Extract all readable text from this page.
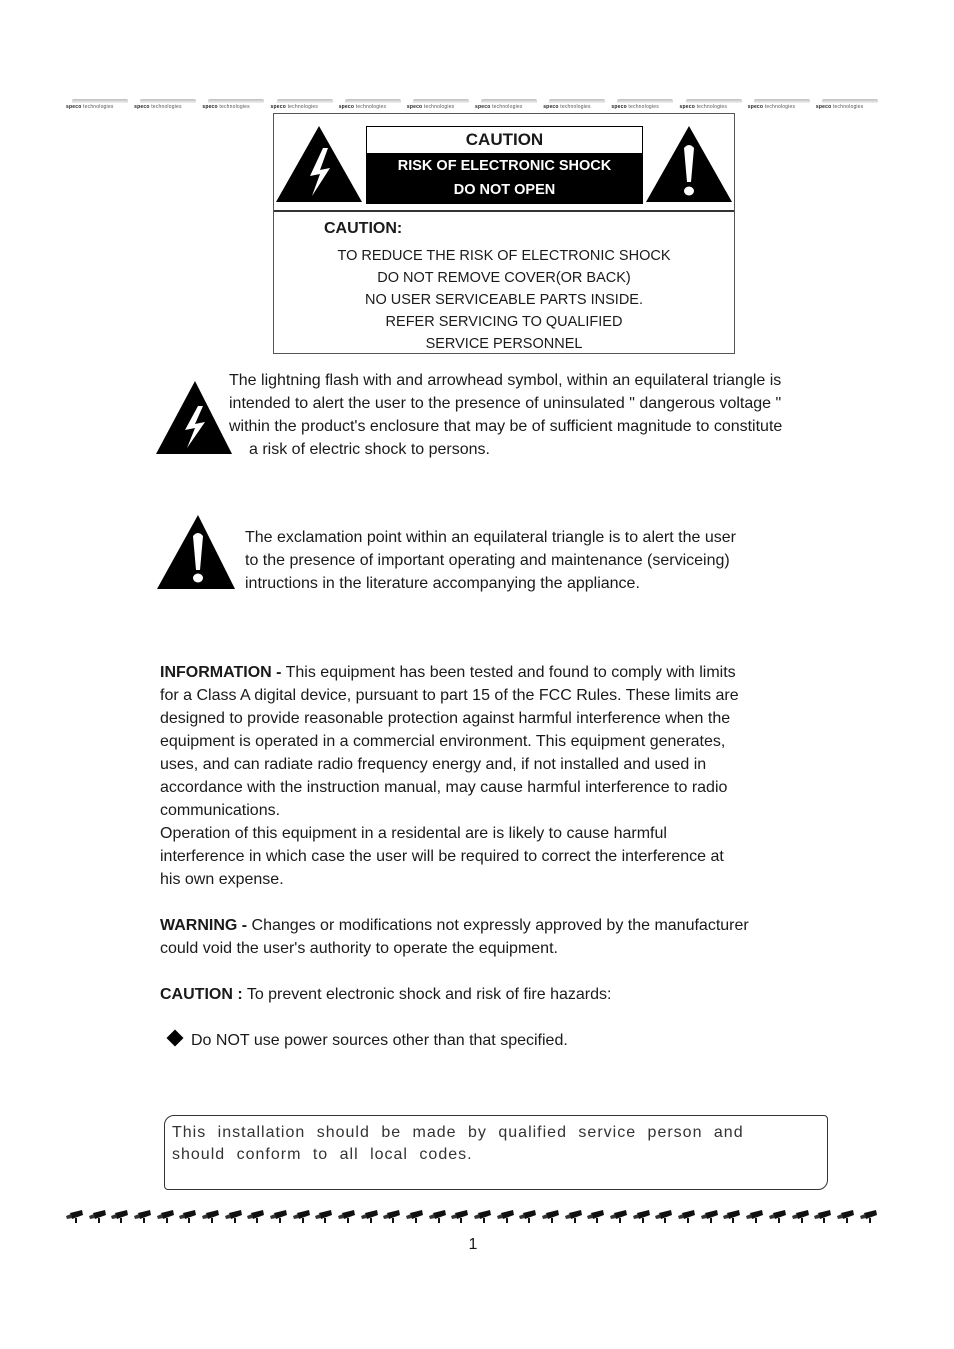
speco technologies	speco technologies	speco technologies	speco technologies	speco technologies	speco technologies	speco technologies	speco technologies	speco technologies	speco technologies	speco technologies	speco technologies
CAUTION
RISK OF ELECTRONIC SHOCK
DO NOT OPEN
CAUTION:
TO REDUCE THE RISK OF ELECTRONIC SHOCK
DO NOT REMOVE COVER(OR BACK)
NO USER SERVICEABLE PARTS INSIDE.
REFER SERVICING TO QUALIFIED
SERVICE PERSONNEL
The lightning flash with and arrowhead symbol, within an equilateral triangle is
intended to alert the user to the presence of uninsulated " dangerous voltage "
within the product's enclosure that may be of sufficient magnitude to constitute
a risk of electric shock to persons.
The exclamation point within an equilateral triangle is to alert the user
to the presence of important operating and maintenance (serviceing)
intructions in the literature accompanying the appliance.
INFORMATION - This equipment has been tested and found to comply with limits
for a Class A digital device, pursuant to part 15 of the FCC Rules. These limits are
designed to provide reasonable protection against harmful interference when the
equipment is operated in a commercial environment. This equipment generates,
uses, and can radiate radio frequency energy and, if not installed and used in
accordance with the instruction manual, may cause harmful interference to radio
communications.
Operation of this equipment in a residental are is likely to cause harmful
interference in which case the user will be required to correct the interference at
his own expense.
WARNING - Changes or modifications not expressly approved by the manufacturer
could void the user's authority to operate the equipment.
CAUTION : To prevent electronic shock and risk of fire hazards:
Do NOT use power sources other than that specified.
This installation should be made by qualified service person and
should conform to all local codes.
1
